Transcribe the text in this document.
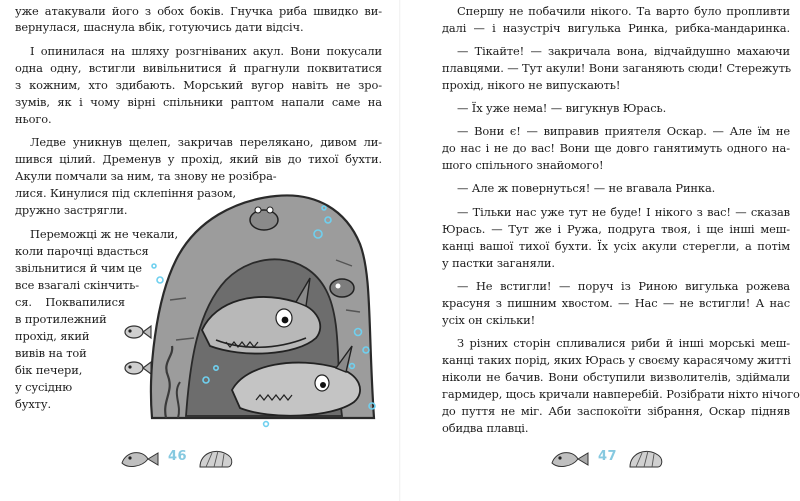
уже атакували його з обох боків. Гнучка риба швидко ви-
вернулася, шаснула вбік, готуючись дати відсіч.
І опинилася на шляху розгніваних акул. Вони покусали
одна одну, встигли вивільнитися й прагнули поквитатися
з кожним, хто здибають. Морський вугор навіть не зро-
зумів, як і чому вірні спільники раптом напали саме на
нього.
Ледве уникнув щелеп, закричав перелякано, дивом ли-
шився цілий. Дременув у прохід, який вів до тихої бухти.
Акули помчали за ним, та знову не розібра-
лися. Кинулися під склепіння разом,
дружно застрягли.
Переможці ж не чекали,
коли парочці вдасться
звільнитися й чим це
все взагалі скінчить-
ся. Поквапилися
в протилежний
прохід, який
вивів на той
бік печери,
у сусідню
бухту.
46
Спершу не побачили нікого. Та варто було пропливти
далі — і назустріч вигулька Ринка, рибка-мандаринка.
— Тікайте! — закричала вона, відчайдушно махаючи
плавцями. — Тут акули! Вони заганяють сюди! Стережуть
прохід, нікого не випускають!
— Їх уже нема! — вигукнув Юрась.
— Вони є! — виправив приятеля Оскар. — Але їм не
до нас і не до вас! Вони ще довго ганятимуть одного на-
шого спільного знайомого!
— Але ж повернуться! — не вгавала Ринка.
— Тільки нас уже тут не буде! І нікого з вас! — сказав
Юрась. — Тут же і Ружа, подруга твоя, і ще інші меш-
канці вашої тихої бухти. Їх усіх акули стерегли, а потім
у пастки заганяли.
— Не встигли! — поруч із Риною вигулька рожева
красуня з пишним хвостом. — Нас — не встигли! А нас
усіх он скільки!
З різних сторін спливалися риби й інші морські меш-
канці таких порід, яких Юрась у своєму карасячому житті
ніколи не бачив. Вони обступили визволителів, здіймали
гармидер, щось кричали навперебій. Розібрати ніхто нічого
до пуття не міг. Аби заспокоїти зібрання, Оскар підняв
обидва плавці.
47
